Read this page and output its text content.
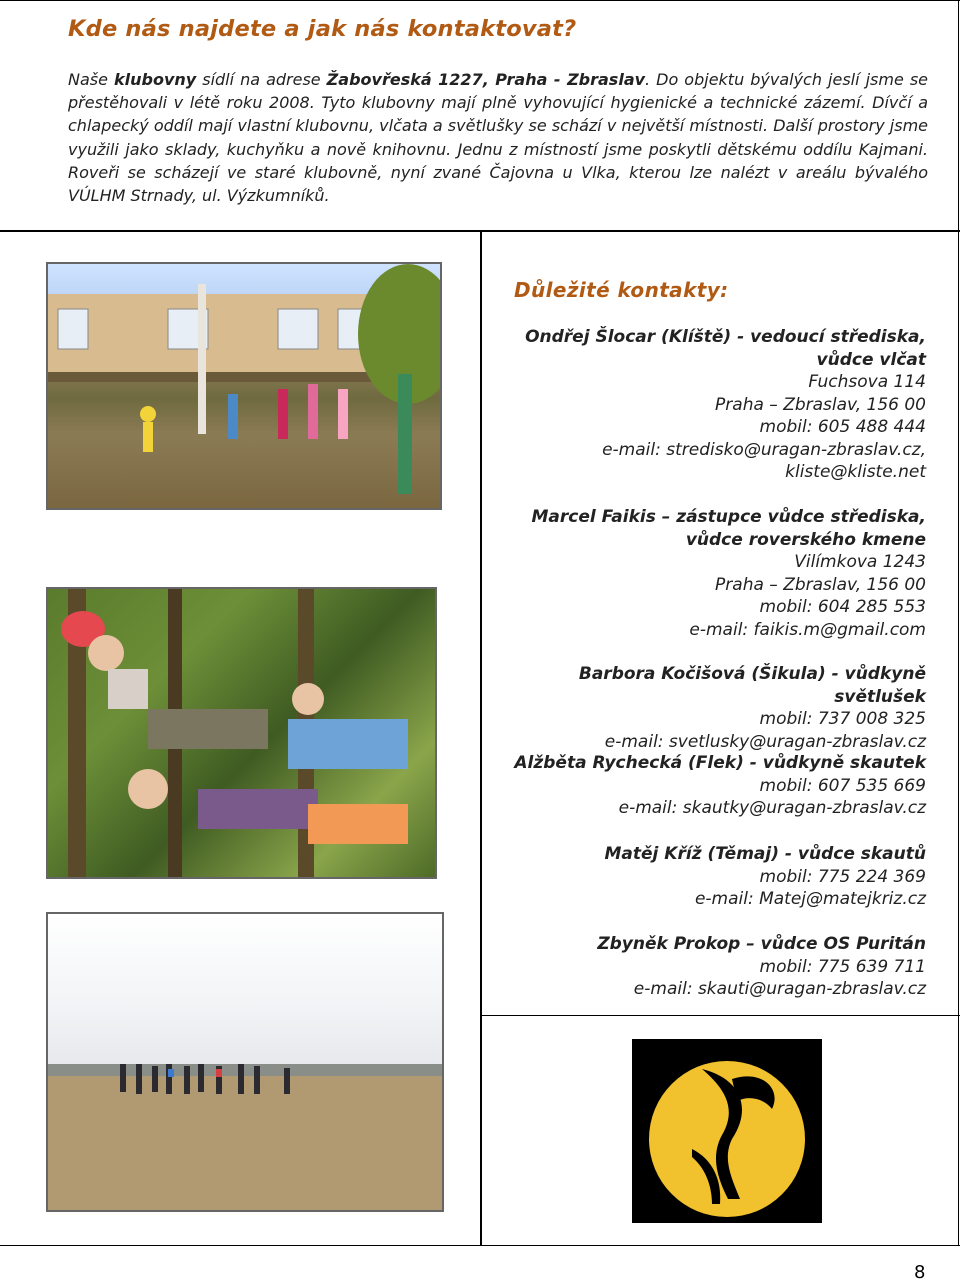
Kde nás najdete a jak nás kontaktovat?
Naše klubovny sídlí na adrese Žabovřeská 1227, Praha - Zbraslav. Do objektu bývalých jeslí jsme se přestěhovali v létě roku 2008. Tyto klubovny mají plně vyhovující hygienické a technické zázemí. Dívčí a chlapecký oddíl mají vlastní klubovnu, vlčata a světlušky se schází v největší místnosti. Další prostory jsme využili jako sklady, kuchyňku a nově knihovnu. Jednu z místností jsme poskytli dětskému oddílu Kajmani. Roveři se scházejí ve staré klubovně, nyní zvané Čajovna u Vlka, kterou lze nalézt v areálu bývalého VÚLHM Strnady, ul. Výzkumníků.
Důležité kontakty:
Ondřej Šlocar (Klíště) - vedoucí střediska, vůdce vlčat
Fuchsova 114
Praha – Zbraslav, 156 00
mobil: 605 488 444
e-mail: stredisko@uragan-zbraslav.cz,
kliste@kliste.net
Marcel Faikis – zástupce vůdce střediska, vůdce roverského kmene
Vilímkova 1243
Praha – Zbraslav, 156 00
mobil: 604 285 553
e-mail: faikis.m@gmail.com
Barbora Kočišová (Šikula) - vůdkyně světlušek
mobil: 737 008 325
e-mail: svetlusky@uragan-zbraslav.cz
Alžběta Rychecká (Flek) - vůdkyně skautek
mobil: 607 535 669
e-mail: skautky@uragan-zbraslav.cz
Matěj Kříž (Těmaj) - vůdce skautů
mobil: 775 224 369
e-mail: Matej@matejkriz.cz
Zbyněk Prokop – vůdce OS Puritán
mobil: 775 639 711
e-mail: skauti@uragan-zbraslav.cz
8
